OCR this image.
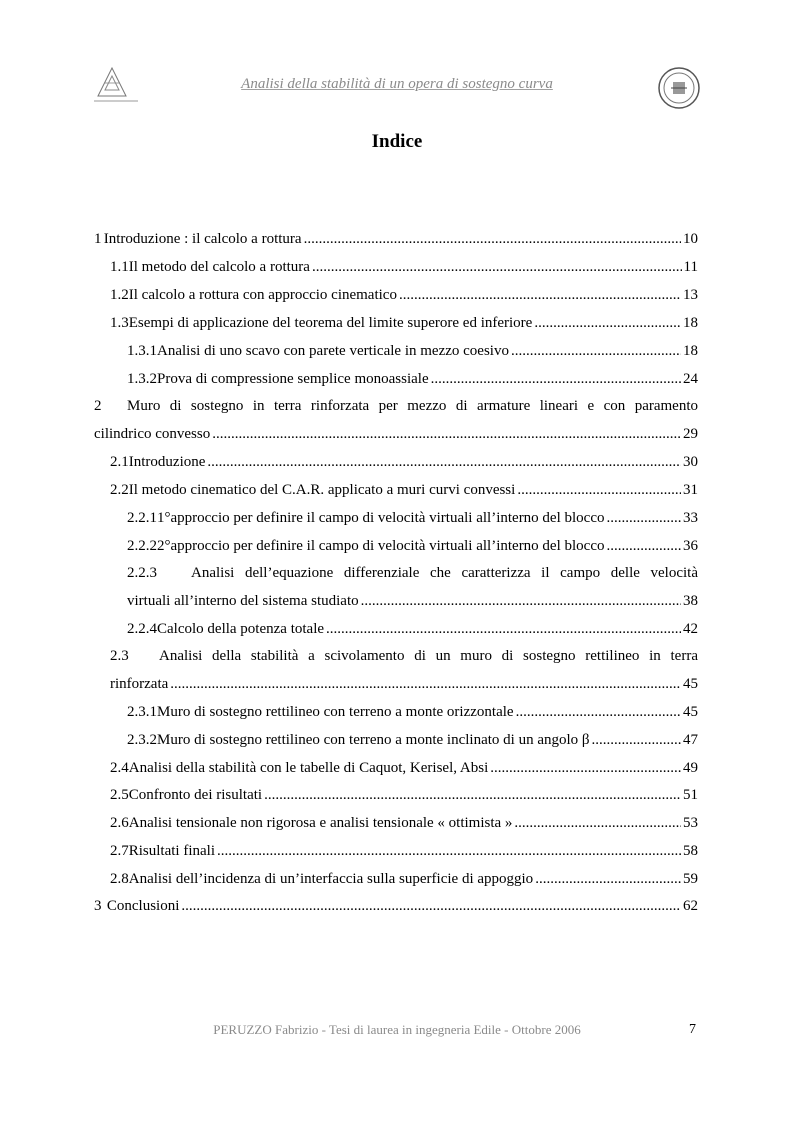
Analisi della stabilità di un opera di sostegno curva
Indice
1 Introduzione : il calcolo a rottura .....	10
1.1 Il metodo del calcolo a rottura .....	11
1.2 Il calcolo a rottura con approccio cinematico .....	13
1.3 Esempi di applicazione del teorema del limite superore ed inferiore .....	18
1.3.1 Analisi di uno scavo con parete verticale in mezzo coesivo .....	18
1.3.2 Prova di compressione semplice monoassiale .....	24
2	Muro di sostegno in terra rinforzata per mezzo di armature lineari e con paramento
cilindrico convesso .....	29
2.1 Introduzione .....	30
2.2 Il metodo cinematico del C.A.R. applicato a muri curvi convessi .....	31
2.2.1 1°approccio per definire il campo di velocità virtuali all’interno del blocco .....	33
2.2.2 2°approccio per definire il campo di velocità virtuali all’interno del blocco .....	36
2.2.3	Analisi dell’equazione differenziale che caratterizza il campo delle velocità
virtuali all’interno del sistema studiato .....	38
2.2.4 Calcolo della potenza totale .....	42
2.3	Analisi della stabilità a scivolamento di un muro di sostegno rettilineo in terra
rinforzata .....	45
2.3.1 Muro di sostegno rettilineo con terreno a monte orizzontale .....	45
2.3.2 Muro di sostegno rettilineo con terreno a monte inclinato di un angolo β .....	47
2.4 Analisi della stabilità con le tabelle di Caquot, Kerisel, Absi .....	49
2.5 Confronto dei risultati .....	51
2.6 Analisi tensionale non rigorosa e analisi tensionale « ottimista » .....	53
2.7 Risultati finali .....	58
2.8 Analisi dell’incidenza di un’interfaccia sulla superficie di appoggio .....	59
3 Conclusioni .....	62
PERUZZO Fabrizio - Tesi di laurea in ingegneria Edile - Ottobre 2006	7
